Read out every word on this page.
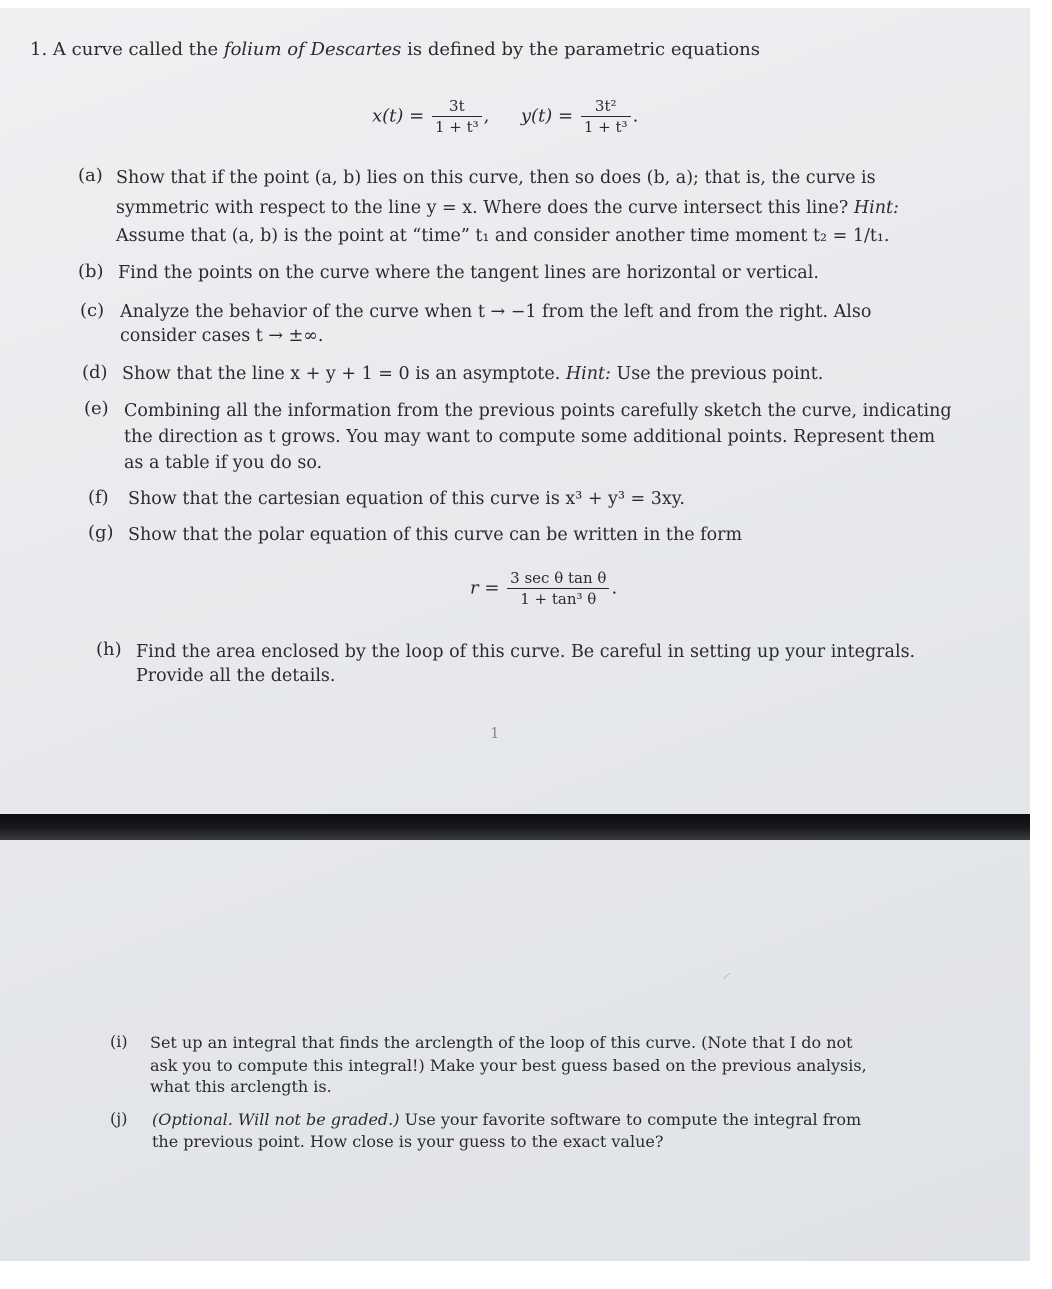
1. A curve called the folium of Descartes is defined by the parametric equations
$x(t) = \frac{3t}{\text{1 + t³}}$ , $y(t) = \frac{\text{3t²}}{\text{1 + t³}}$ .
(a) Show that if the point (a, b) lies on this curve, then so does (b, a); that is, the curve is
symmetric with respect to the line y = x. Where does the curve intersect this line? Hint:
Assume that (a, b) is the point at “time” t₁ and consider another time moment t₂ = 1/t₁.
(b) Find the points on the curve where the tangent lines are horizontal or vertical.
(c) Analyze the behavior of the curve when t → −1 from the left and from the right. Also
consider cases t → ±∞.
(d) Show that the line x + y + 1 = 0 is an asymptote. Hint: Use the previous point.
(e) Combining all the information from the previous points carefully sketch the curve, indicating
the direction as t grows. You may want to compute some additional points. Represent them
as a table if you do so.
(f) Show that the cartesian equation of this curve is x³ + y³ = 3xy.
(g) Show that the polar equation of this curve can be written in the form
$r = \frac{\text{3 sec θ tan θ}}{\text{1 + tan³ θ}}$ .
(h) Find the area enclosed by the loop of this curve. Be careful in setting up your integrals.
Provide all the details.
1
⸝
(i) Set up an integral that finds the arclength of the loop of this curve. (Note that I do not
ask you to compute this integral!) Make your best guess based on the previous analysis,
what this arclength is.
(j) (Optional. Will not be graded.) Use your favorite software to compute the integral from
the previous point. How close is your guess to the exact value?
